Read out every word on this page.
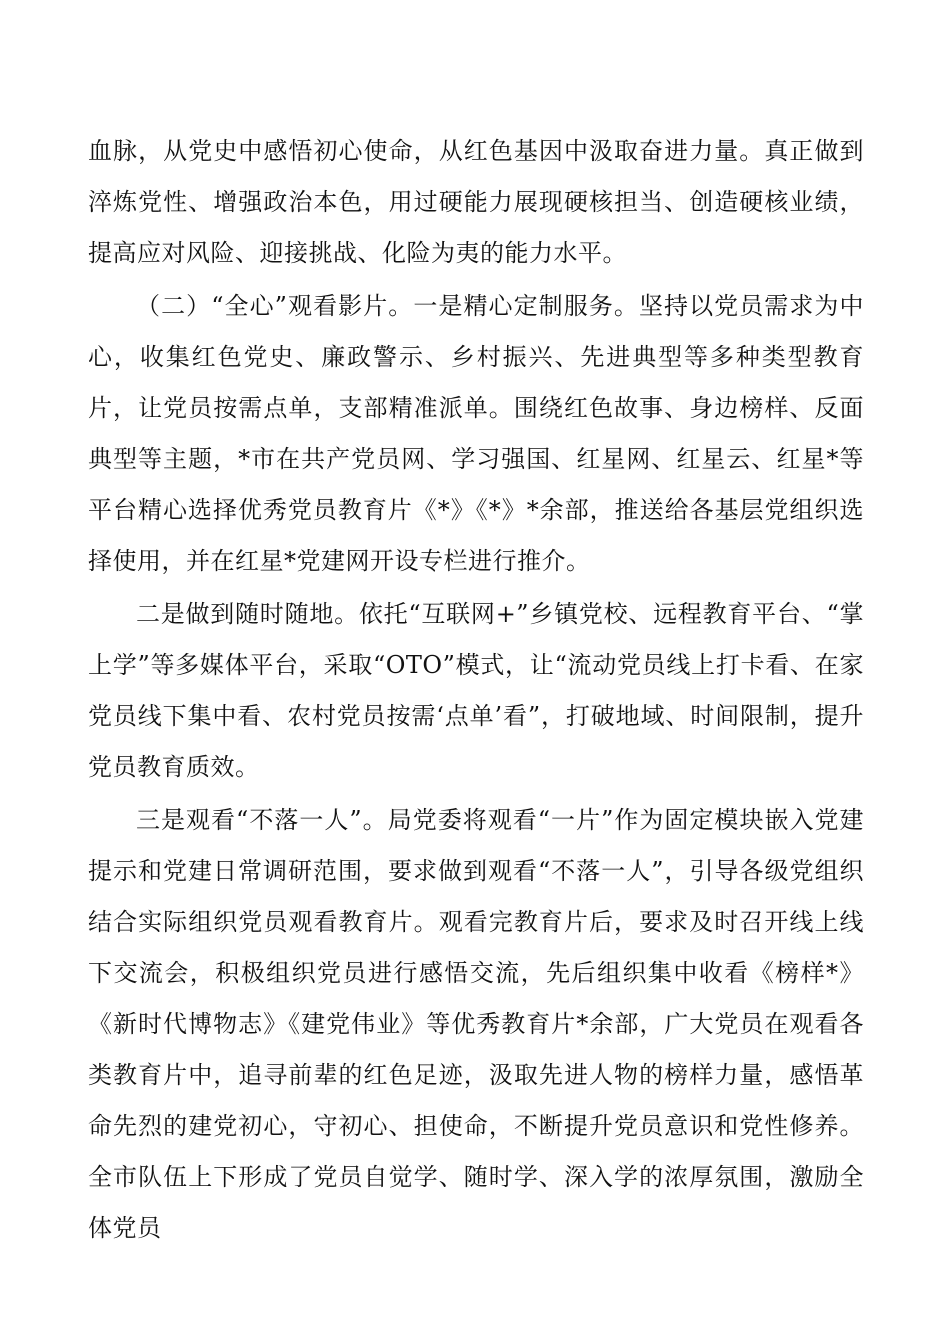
血脉，从党史中感悟初心使命，从红色基因中汲取奋进力量。真正做到淬炼党性、增强政治本色，用过硬能力展现硬核担当、创造硬核业绩，提高应对风险、迎接挑战、化险为夷的能力水平。

（二）“全心”观看影片。一是精心定制服务。坚持以党员需求为中心，收集红色党史、廉政警示、乡村振兴、先进典型等多种类型教育片，让党员按需点单，支部精准派单。围绕红色故事、身边榜样、反面典型等主题，*市在共产党员网、学习强国、红星网、红星云、红星*等平台精心选择优秀党员教育片《*》《*》*余部，推送给各基层党组织选择使用，并在红星*党建网开设专栏进行推介。

二是做到随时随地。依托“互联网+”乡镇党校、远程教育平台、“掌上学”等多媒体平台，采取“OTO”模式，让“流动党员线上打卡看、在家党员线下集中看、农村党员按需‘点单’看”，打破地域、时间限制，提升党员教育质效。

三是观看“不落一人”。局党委将观看“一片”作为固定模块嵌入党建提示和党建日常调研范围，要求做到观看“不落一人”，引导各级党组织结合实际组织党员观看教育片。观看完教育片后，要求及时召开线上线下交流会，积极组织党员进行感悟交流，先后组织集中收看《榜样*》《新时代博物志》《建党伟业》等优秀教育片*余部，广大党员在观看各类教育片中，追寻前辈的红色足迹，汲取先进人物的榜样力量，感悟革命先烈的建党初心，守初心、担使命，不断提升党员意识和党性修养。全市队伍上下形成了党员自觉学、随时学、深入学的浓厚氛围，激励全体党员
